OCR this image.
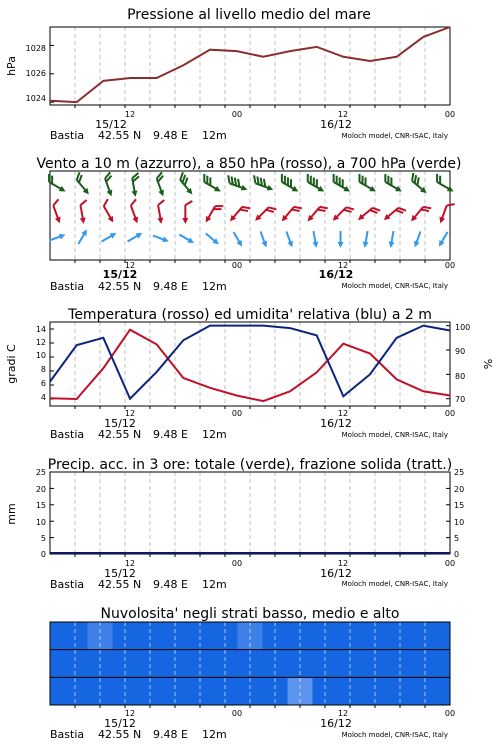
Pressione al livello medio del mare
1024
1026
1028
hPa
12	00	12	00
15/12	16/12
Bastia 42.55 N 9.48 E 12m	Moloch model, CNR-ISAC, Italy
Vento a 10 m (azzurro), a 850 hPa (rosso), a 700 hPa (verde)
12	00	12	00
15/12	16/12
Bastia 42.55 N 9.48 E 12m	Moloch model, CNR-ISAC, Italy
Temperatura (rosso) ed umidita' relativa (blu) a 2 m
4
6
8
10
12
14
70
80
90
100
gradi C	%
12	00	12	00
15/12	16/12
Bastia 42.55 N 9.48 E 12m	Moloch model, CNR-ISAC, Italy
Precip. acc. in 3 ore: totale (verde), frazione solida (tratt.)
0
5
10
15
20
25
0
5
10
15
20
25
mm
12	00	12	00
15/12	16/12
Bastia 42.55 N 9.48 E 12m	Moloch model, CNR-ISAC, Italy
Nuvolosita' negli strati basso, medio e alto
12	00	12	00
15/12	16/12
Bastia 42.55 N 9.48 E 12m	Moloch model, CNR-ISAC, Italy
